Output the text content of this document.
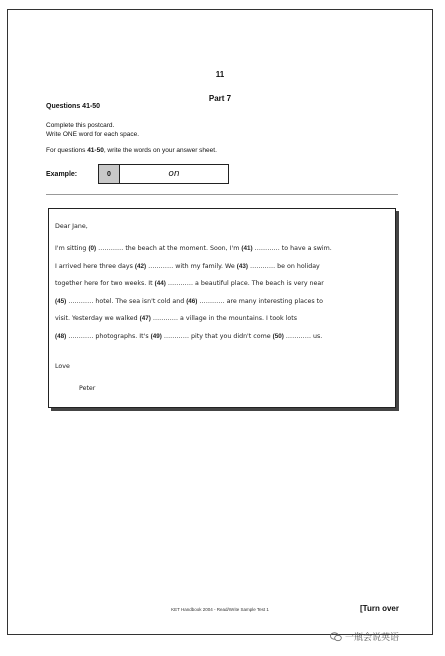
11
Part 7
Questions 41-50
Complete this postcard.
Write ONE word for each space.
For questions 41-50, write the words on your answer sheet.
Example:	0	on
Dear Jane,
I'm sitting (0) ………… the beach at the moment. Soon, I'm (41) ………… to have a swim.
I arrived here three days (42) ………… with my family. We (43) ………… be on holiday
together here for two weeks. It (44) ………… a beautiful place. The beach is very near
(45) ………… hotel. The sea isn't cold and (46) ………… are many interesting places to
visit. Yesterday we walked (47) ………… a village in the mountains. I took lots
(48) ………… photographs. It's (49) ………… pity that you didn't come (50) ………… us.
Love
Peter
KET Handbook 2004 - Read/Write Sample Test 1	[Turn over
一瓶会说英语
